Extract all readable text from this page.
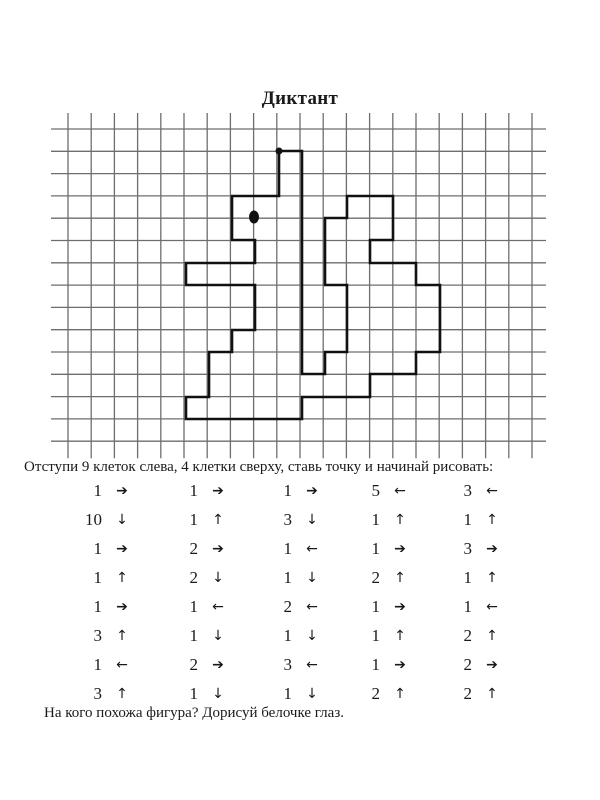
Диктант
Отступи 9 клеток слева, 4 клетки сверху, ставь точку и начинай рисовать:
1 ➔
10 ↓
1 ➔
1 ↑
1 ➔
3 ↑
1 ←
3 ↑
1 ➔
1 ↑
2 ➔
2 ↓
1 ←
1 ↓
2 ➔
1 ↓
1 ➔
3 ↓
1 ←
1 ↓
2 ←
1 ↓
3 ←
1 ↓
5 ←
1 ↑
1 ➔
2 ↑
1 ➔
1 ↑
1 ➔
2 ↑
3 ←
1 ↑
3 ➔
1 ↑
1 ←
2 ↑
2 ➔
2 ↑
На кого похожа фигура? Дорисуй белочке глаз.
